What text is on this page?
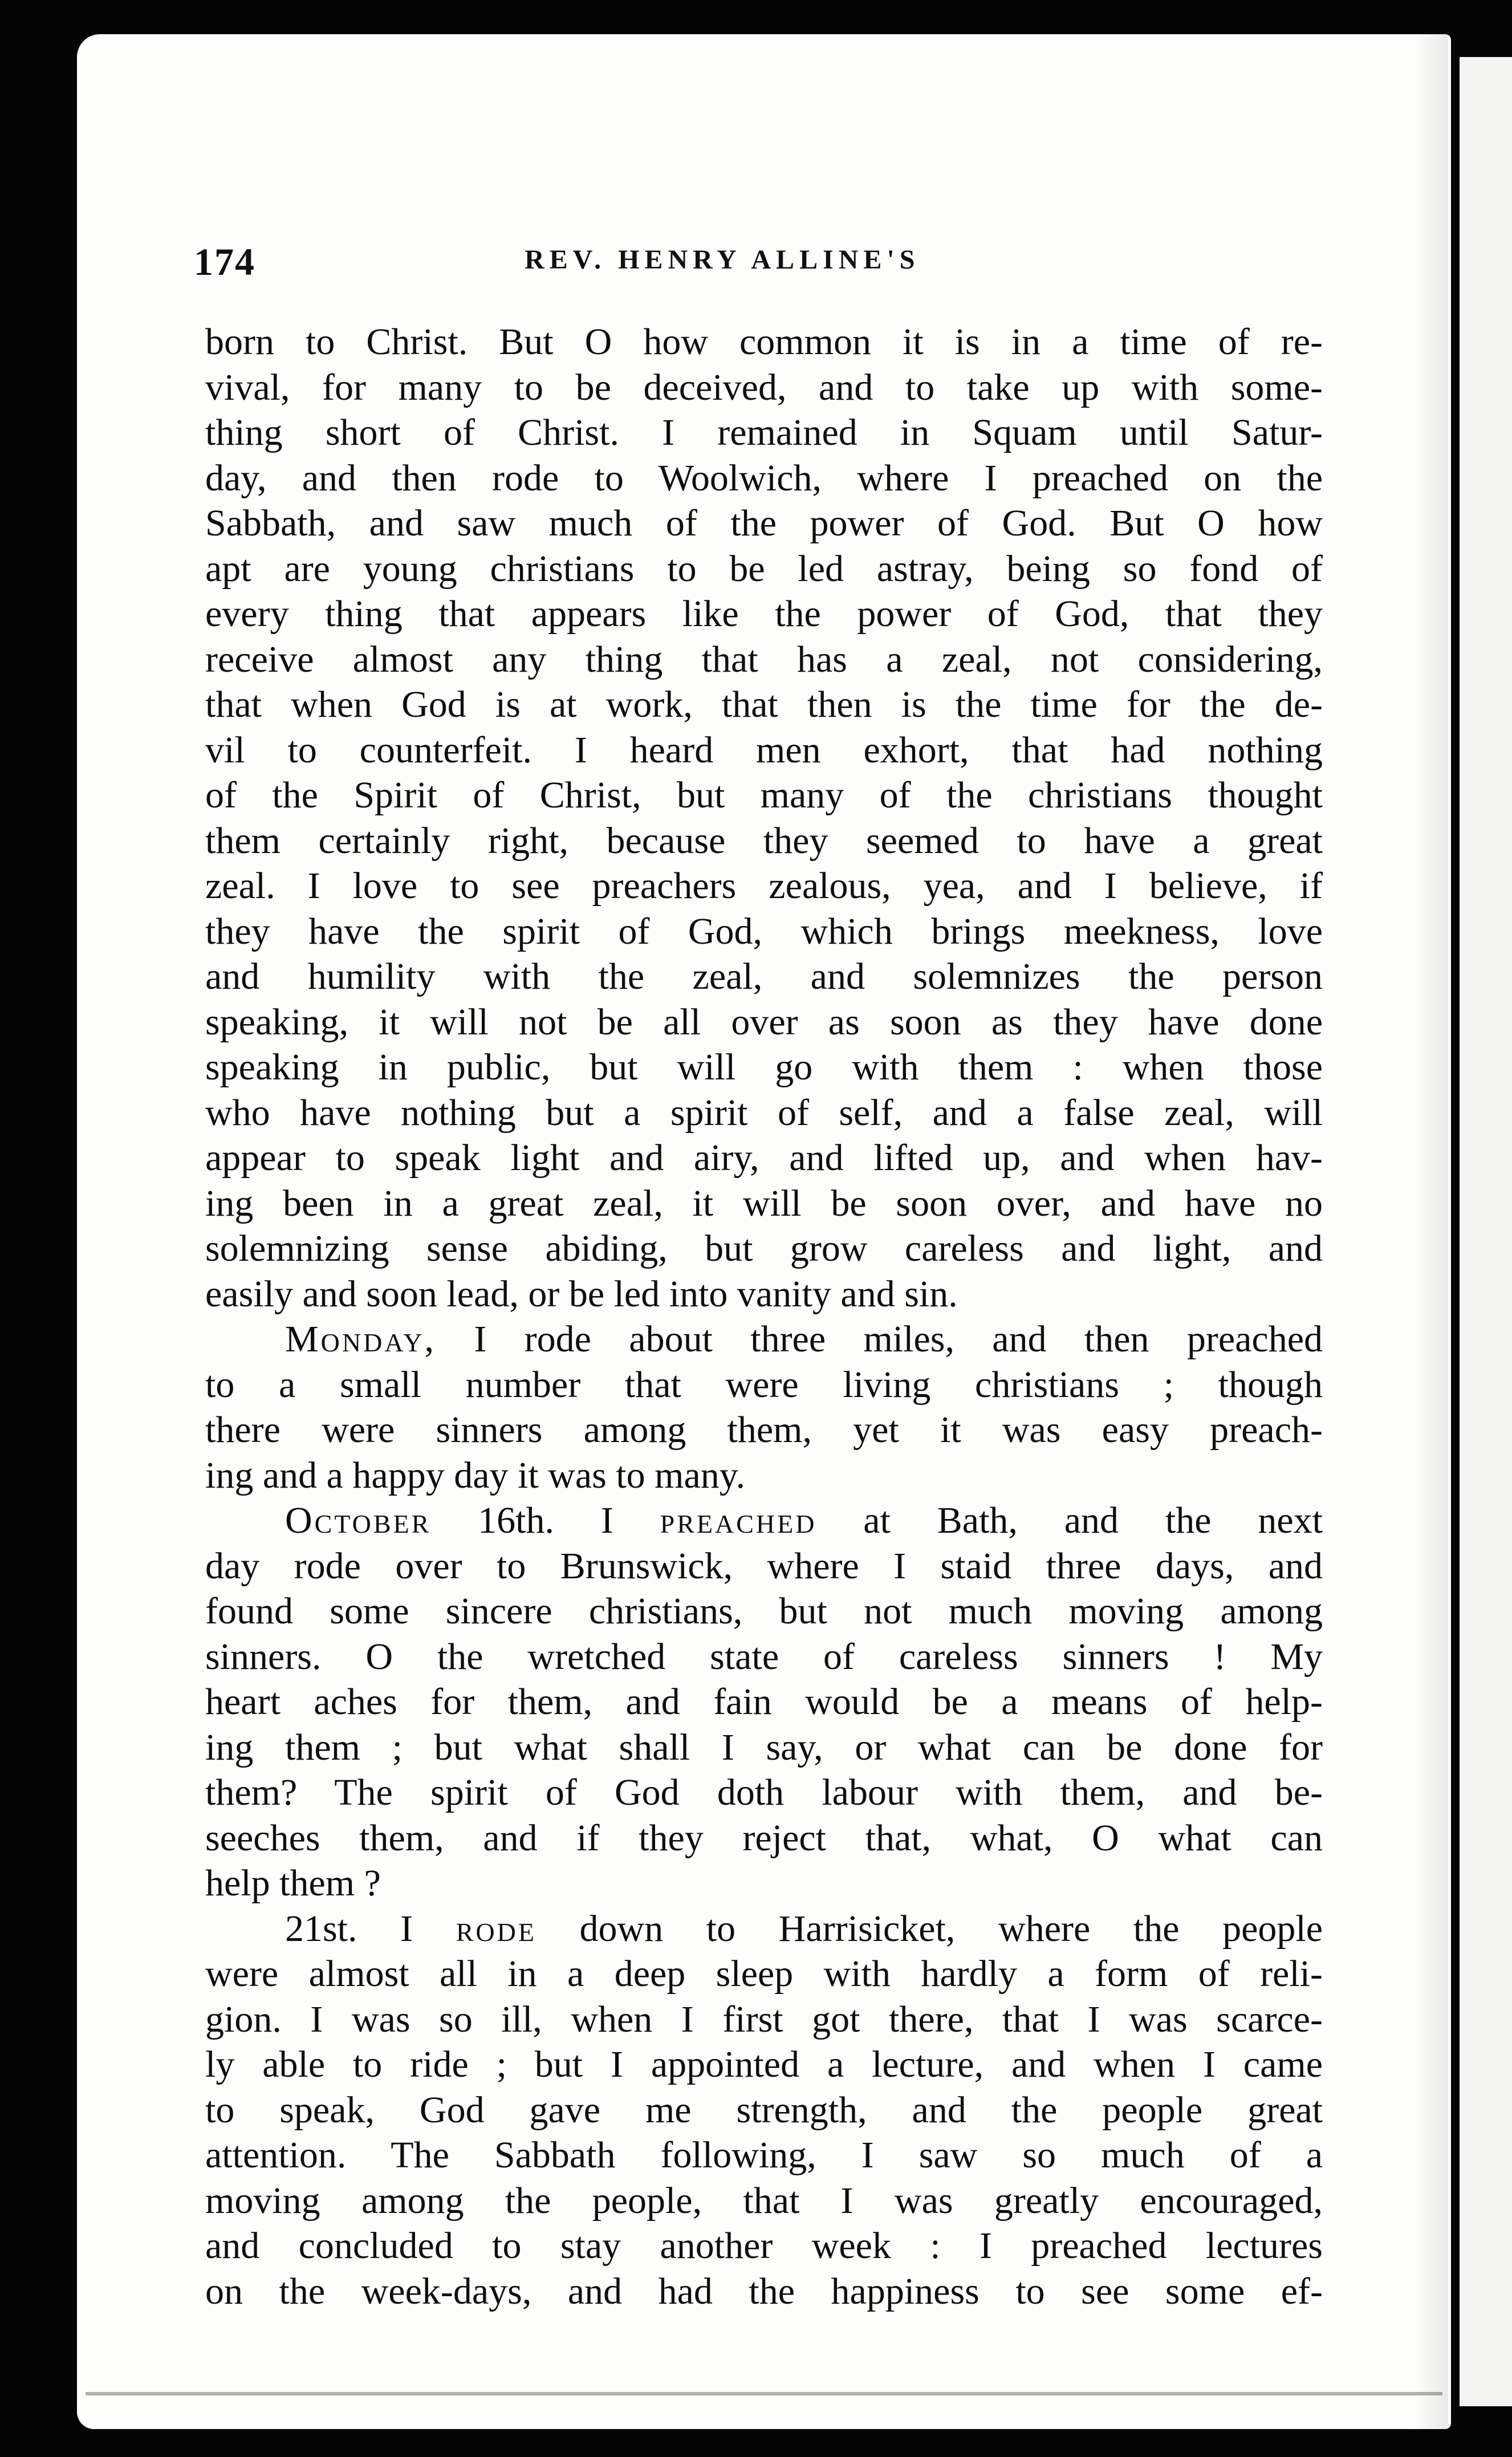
174	REV. HENRY ALLINE'S
born to Christ. But O how common it is in a time of re-
vival, for many to be deceived, and to take up with some-
thing short of Christ. I remained in Squam until Satur-
day, and then rode to Woolwich, where I preached on the
Sabbath, and saw much of the power of God. But O how
apt are young christians to be led astray, being so fond of
every thing that appears like the power of God, that they
receive almost any thing that has a zeal, not considering,
that when God is at work, that then is the time for the de-
vil to counterfeit. I heard men exhort, that had nothing
of the Spirit of Christ, but many of the christians thought
them certainly right, because they seemed to have a great
zeal. I love to see preachers zealous, yea, and I believe, if
they have the spirit of God, which brings meekness, love
and humility with the zeal, and solemnizes the person
speaking, it will not be all over as soon as they have done
speaking in public, but will go with them : when those
who have nothing but a spirit of self, and a false zeal, will
appear to speak light and airy, and lifted up, and when hav-
ing been in a great zeal, it will be soon over, and have no
solemnizing sense abiding, but grow careless and light, and
easily and soon lead, or be led into vanity and sin.
Monday, I rode about three miles, and then preached
to a small number that were living christians ; though
there were sinners among them, yet it was easy preach-
ing and a happy day it was to many.
October 16th. I preached at Bath, and the next
day rode over to Brunswick, where I staid three days, and
found some sincere christians, but not much moving among
sinners. O the wretched state of careless sinners ! My
heart aches for them, and fain would be a means of help-
ing them ; but what shall I say, or what can be done for
them? The spirit of God doth labour with them, and be-
seeches them, and if they reject that, what, O what can
help them ?
21st. I rode down to Harrisicket, where the people
were almost all in a deep sleep with hardly a form of reli-
gion. I was so ill, when I first got there, that I was scarce-
ly able to ride ; but I appointed a lecture, and when I came
to speak, God gave me strength, and the people great
attention. The Sabbath following, I saw so much of a
moving among the people, that I was greatly encouraged,
and concluded to stay another week : I preached lectures
on the week-days, and had the happiness to see some ef-
